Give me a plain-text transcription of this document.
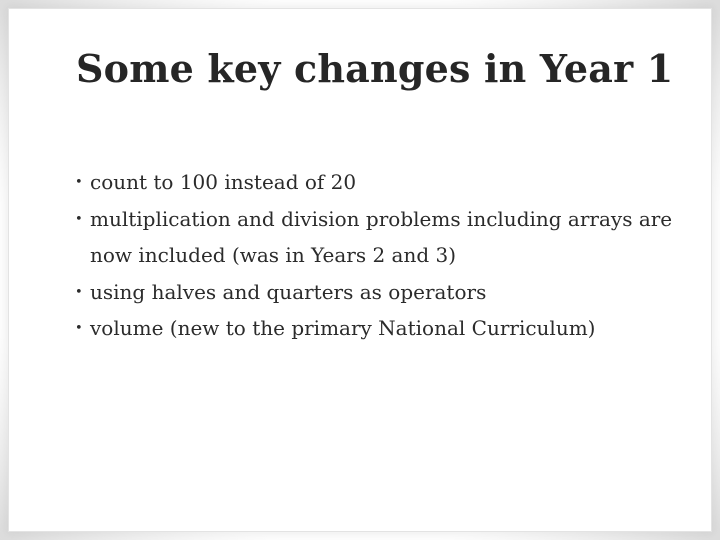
Some key changes in Year 1
• count to 100 instead of 20
• multiplication and division problems including arrays are now included (was in Years 2 and 3)
• using halves and quarters as operators
• volume (new to the primary National Curriculum)
